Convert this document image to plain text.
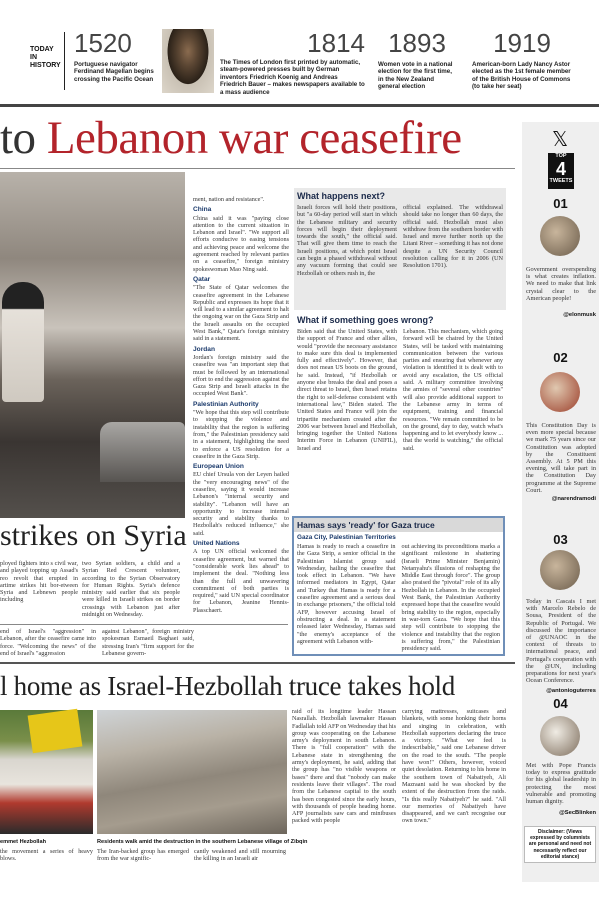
TODAY IN HISTORY
1520
Portuguese navigator Ferdinand Magellan begins crossing the Pacific Ocean
1814
The Times of London first printed by automatic, steam-powered presses built by German inventors Friedrich Koenig and Andreas Friedrich Bauer – makes newspapers available to a mass audience
1893
Women vote in a national election for the first time, in the New Zealand general election
1919
American-born Lady Nancy Astor elected as the 1st female member of the British House of Commons (to take her seat)
to Lebanon war ceasefire
ment, nation and resistance".
China
China said it was "paying close attention to the current situation in Lebanon and Israel". "We support all efforts conducive to easing tensions and achieving peace and welcome the agreement reached by relevant parties on a ceasefire," foreign ministry spokeswoman Mao Ning said.
Qatar
"The State of Qatar welcomes the ceasefire agreement in the Lebanese Republic and expresses its hope that it will lead to a similar agreement to halt the ongoing war on the Gaza Strip and the Israeli assaults on the occupied West Bank," Qatar's foreign ministry said in a statement.
Jordan
Jordan's foreign ministry said the ceasefire was "an important step that must be followed by an international effort to end the aggression against the Gaza Strip and Israeli attacks in the occupied West Bank".
Palestinian Authority
"We hope that this step will contribute to stopping the violence and instability that the region is suffering from," the Palestinian presidency said in a statement, highlighting the need to enforce a US resolution for a ceasefire in the Gaza Strip.
European Union
EU chief Ursula von der Leyen hailed the "very encouraging news" of the ceasefire, saying it would increase Lebanon's "internal security and stability". "Lebanon will have an opportunity to increase internal security and stability thanks to Hezbollah's reduced influence," she said.
United Nations
A top UN official welcomed the ceasefire agreement, but warned that "considerable work lies ahead" to implement the deal. "Nothing less than the full and unwavering commitment of both parties is required," said UN special coordinator for Lebanon, Jeanine Hennis-Plasschaert.
What happens next?
Israeli forces will hold their positions, but "a 60-day period will start in which the Lebanese military and security forces will begin their deployment towards the south," the official said. That will give them time to reach the Israeli positions, at which point Israel can begin a phased withdrawal without any vacuum forming that could see Hezbollah or others rush in, the
official explained. The withdrawal should take no longer than 60 days, the official said. Hezbollah must also withdraw from the southern border with Israel and move further north up the Litani River – something it has not done despite a UN Security Council resolution calling for it in 2006 (UN Resolution 1701).
What if something goes wrong?
Biden said that the United States, with the support of France and other allies, would "provide the necessary assistance to make sure this deal is implemented fully and effectively". However, that does not mean US boots on the ground, he said. Instead, "if Hezbollah or anyone else breaks the deal and poses a direct threat to Israel, then Israel retains the right to self-defense consistent with international law," Biden stated. The United States and France will join the tripartite mechanism created after the 2006 war between Israel and Hezbollah, bringing together the United Nations Interim Force in Lebanon (UNIFIL), Israel and
Lebanon. This mechanism, which going forward will be chaired by the United States, will be tasked with maintaining communication between the various parties and ensuring that whenever any violation is identified it is dealt with to avoid any escalation, the US official said. A military committee involving the armies of "several other countries" will also provide additional support to the Lebanese army in terms of equipment, training and financial resources. "We remain committed to be on the ground, day to day, watch what's happening and to let everybody know ... that the world is watching," the official said.
Hamas says 'ready' for Gaza truce
Gaza City, Palestinian Territories
Hamas is ready to reach a ceasefire in the Gaza Strip, a senior official in the Palestinian Islamist group said Wednesday, hailing the ceasefire that took effect in Lebanon. "We have informed mediators in Egypt, Qatar and Turkey that Hamas is ready for a ceasefire agreement and a serious deal in exchange prisoners," the official told AFP, however accusing Israel of obstructing a deal. In a statement released later Wednesday, Hamas said "the enemy's acceptance of the agreement with Lebanon with-
out achieving its preconditions marks a significant milestone in shattering (Israeli Prime Minister Benjamin) Netanyahu's illusions of reshaping the Middle East through force". The group also praised the "pivotal" role of its ally Hezbollah in Lebanon. In the occupied West Bank, the Palestinian Authority expressed hope that the ceasefire would bring stability to the region, especially in war-torn Gaza. "We hope that this step will contribute to stopping the violence and instability that the region is suffering from," the Palestinian presidency said.
strikes on Syria
ployed fighters into s civil war, and played topping up Assad's reo revolt that erupted in artime strikes hit bor-etween Syria and Lebnewn people including
two Syrian soldiers, a child and a Syrian Red Crescent volunteer, according to the Syrian Observatory for Human Rights. Syria's defence ministry said earlier that six people were killed in Israeli strikes on border crossings with Lebanon just after midnight on Wednesday.
end of Israel's "aggression" in Lebanon, after the ceasefire came into force. "Welcoming the news" of the end of Israel's "aggression
against Lebanon", foreign ministry spokesman Esmaeil Baghaei said, stressing Iran's "firm support for the Lebanese govern-
l home as Israel-Hezbollah truce takes hold
emmet Hezbollah
the movement a series of heavy blows.
Residents walk amid the destruction in the southern Lebanese village of Zibqin
The Iran-backed group has emerged from the war signific-
cantly weakened and still mourning the killing in an Israeli air
raid of its longtime leader Hassan Nasrallah. Hezbollah lawmaker Hassan Fadlallah told AFP on Wednesday that his group was cooperating on the Lebanese army's deployment in south Lebanon. There is "full cooperation" with the Lebanese state in strengthening the army's deployment, he said, adding that the group has "no visible weapons or bases" there and that "nobody can make residents leave their villages". The road from the Lebanese capital to the south has been congested since the early hours, with thousands of people heading home. AFP journalists saw cars and minibuses packed with people
carrying mattresses, suitcases and blankets, with some honking their horns and singing in celebration, with Hezbollah supporters declaring the truce a victory. "What we feel is indescribable," said one Lebanese driver on the road to the south. "The people have won!" Others, however, voiced quiet desolation. Returning to his home in the southern town of Nabatiyeh, Ali Mazraani said he was shocked by the extent of the destruction from the raids. "Is this really Nabatiyeh?" he said. "All our memories of Nabatiyeh have disappeared, and we can't recognise our own town."
𝕏
TOP
4
TWEETS
01
Government overspending is what creates inflation. We need to make that link crystal clear to the American people!
@elonmusk
02
This Constitution Day is even more special because we mark 75 years since our Constitution was adopted by the Constituent Assembly. At 5 PM this evening, will take part in the Constitution Day programme at the Supreme Court.
@narendramodi
03
Today in Cascais I met with Marcelo Rebelo de Sousa, President of the Republic of Portugal. We discussed the importance of @UNAOC in the context of threats to international peace, and Portugal's cooperation with the @UN, including preparations for next year's Ocean Conference.
@antonioguterres
04
Met with Pope Francis today to express gratitude for his global leadership in protecting the most vulnerable and promoting human dignity.
@SecBlinken
Disclaimer: (Views expressed by columnists are personal and need not necessarily reflect our editorial stance)
